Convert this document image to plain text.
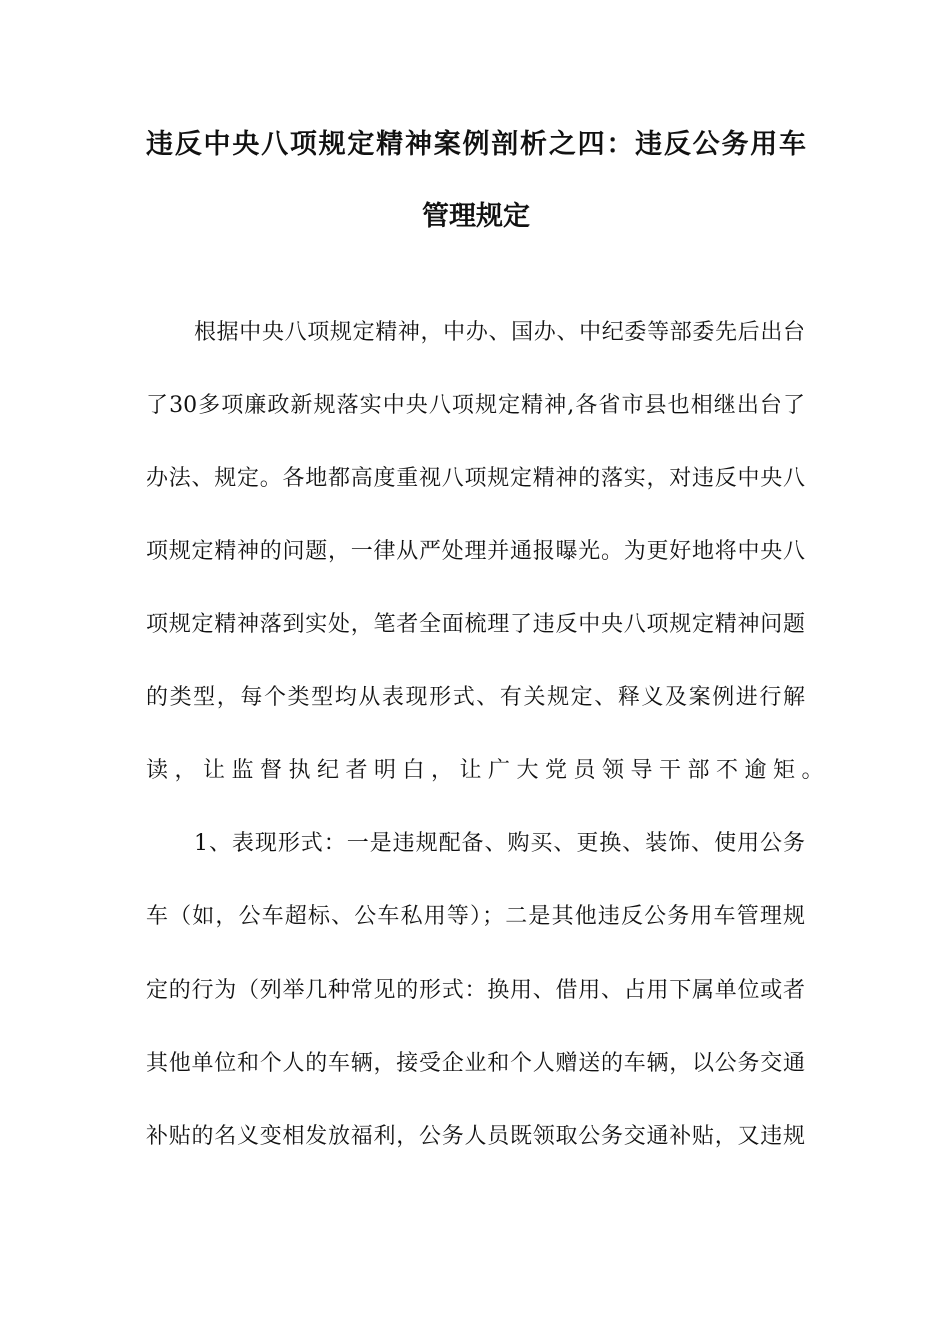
违反中央八项规定精神案例剖析之四：违反公务用车
管理规定
根据中央八项规定精神，中办、国办、中纪委等部委先后出台
了30多项廉政新规落实中央八项规定精神,各省市县也相继出台了
办法、规定。各地都高度重视八项规定精神的落实，对违反中央八
项规定精神的问题，一律从严处理并通报曝光。为更好地将中央八
项规定精神落到实处，笔者全面梳理了违反中央八项规定精神问题
的类型，每个类型均从表现形式、有关规定、释义及案例进行解
读，让监督执纪者明白，让广大党员领导干部不逾矩。
1、表现形式：一是违规配备、购买、更换、装饰、使用公务
车（如，公车超标、公车私用等）；二是其他违反公务用车管理规
定的行为（列举几种常见的形式：换用、借用、占用下属单位或者
其他单位和个人的车辆，接受企业和个人赠送的车辆，以公务交通
补贴的名义变相发放福利，公务人员既领取公务交通补贴，又违规
